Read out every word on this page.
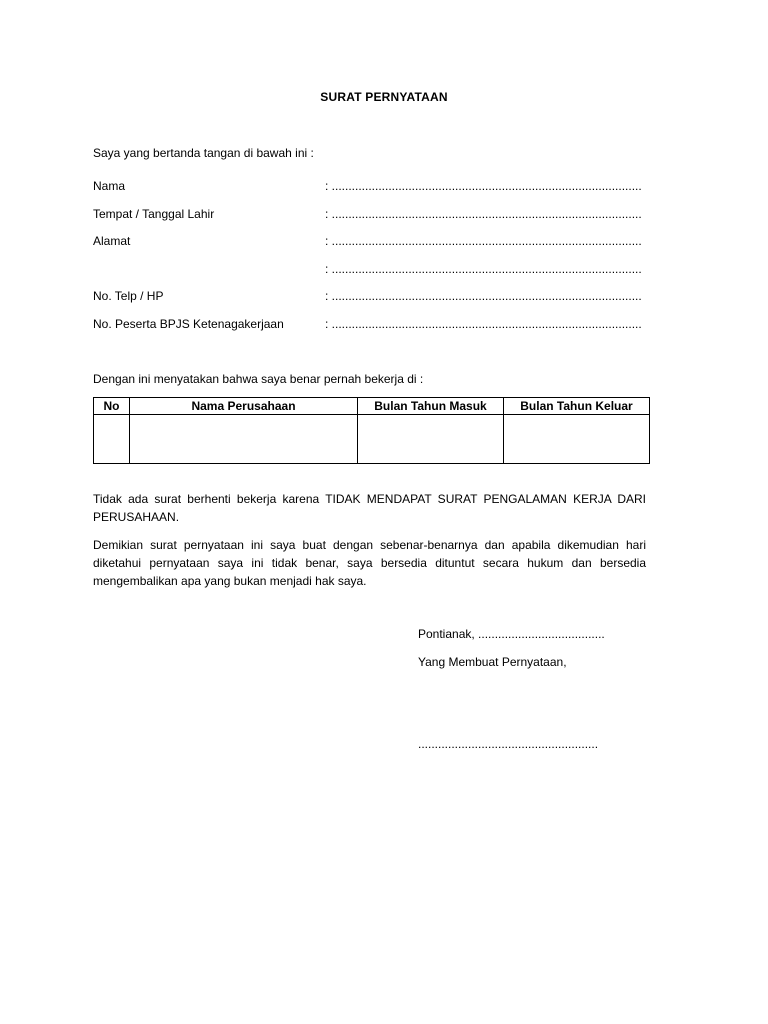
SURAT PERNYATAAN
Saya yang bertanda tangan di bawah ini :
Nama	: .............................................................................................
Tempat / Tanggal Lahir	: .............................................................................................
Alamat	: .............................................................................................
: .............................................................................................
No. Telp / HP	: .............................................................................................
No. Peserta BPJS Ketenagakerjaan	: .............................................................................................
Dengan ini menyatakan bahwa saya benar pernah bekerja di :
No	Nama Perusahaan	Bulan Tahun Masuk	Bulan Tahun Keluar

Tidak ada surat berhenti bekerja karena TIDAK MENDAPAT SURAT PENGALAMAN KERJA DARI PERUSAHAAN.
Demikian surat pernyataan ini saya buat dengan sebenar-benarnya dan apabila dikemudian hari diketahui pernyataan saya ini tidak benar, saya bersedia dituntut secara hukum dan bersedia mengembalikan apa yang bukan menjadi hak saya.
Pontianak, ......................................
Yang Membuat Pernyataan,
......................................................
